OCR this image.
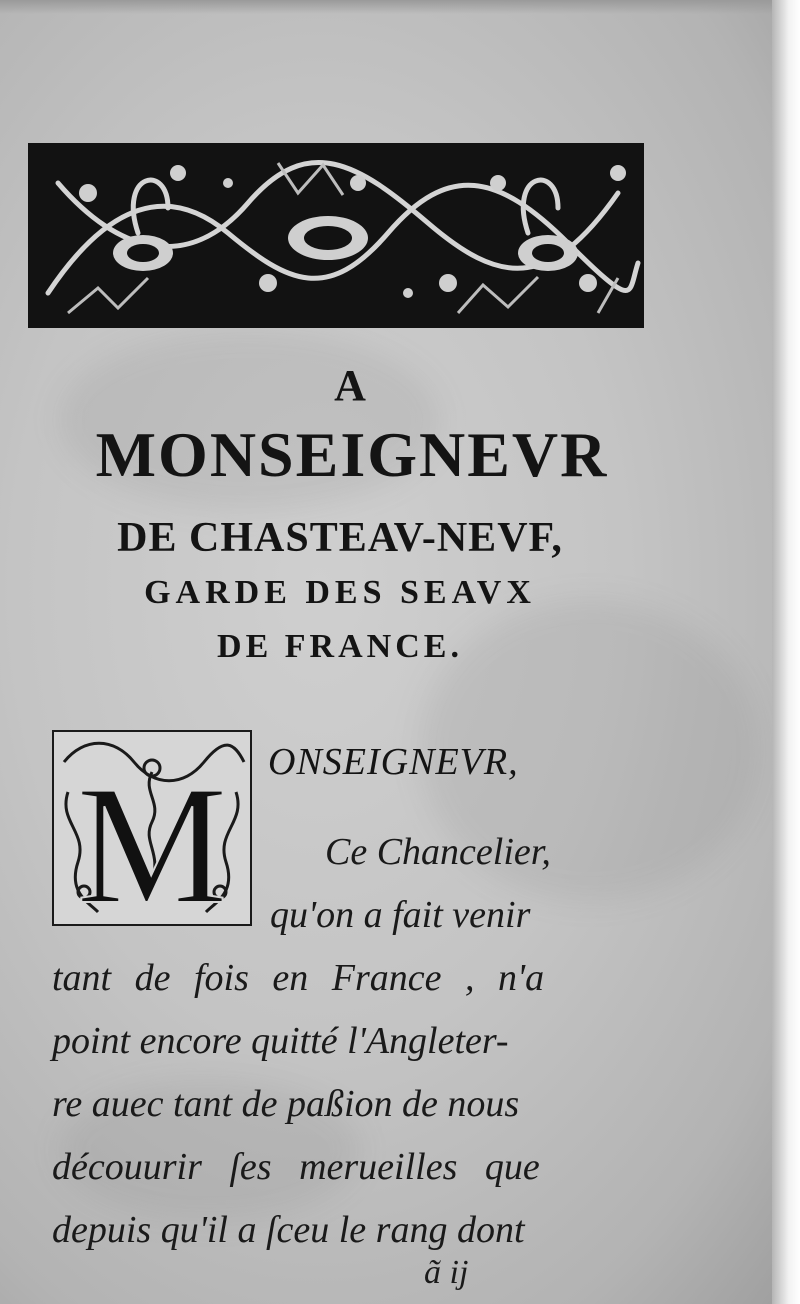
A
MONSEIGNEVR
DE CHASTEAV-NEVF,
GARDE DES SEAVX
DE FRANCE.
M ONSEIGNEVR,

Ce Chancelier,

qu'on a fait venir

tant de fois en France , n'a

point encore quitté l'Angleter-

re auec tant de paßion de nous

découurir ſes merueilles que

depuis qu'il a ſceu le rang dont

ã ij
